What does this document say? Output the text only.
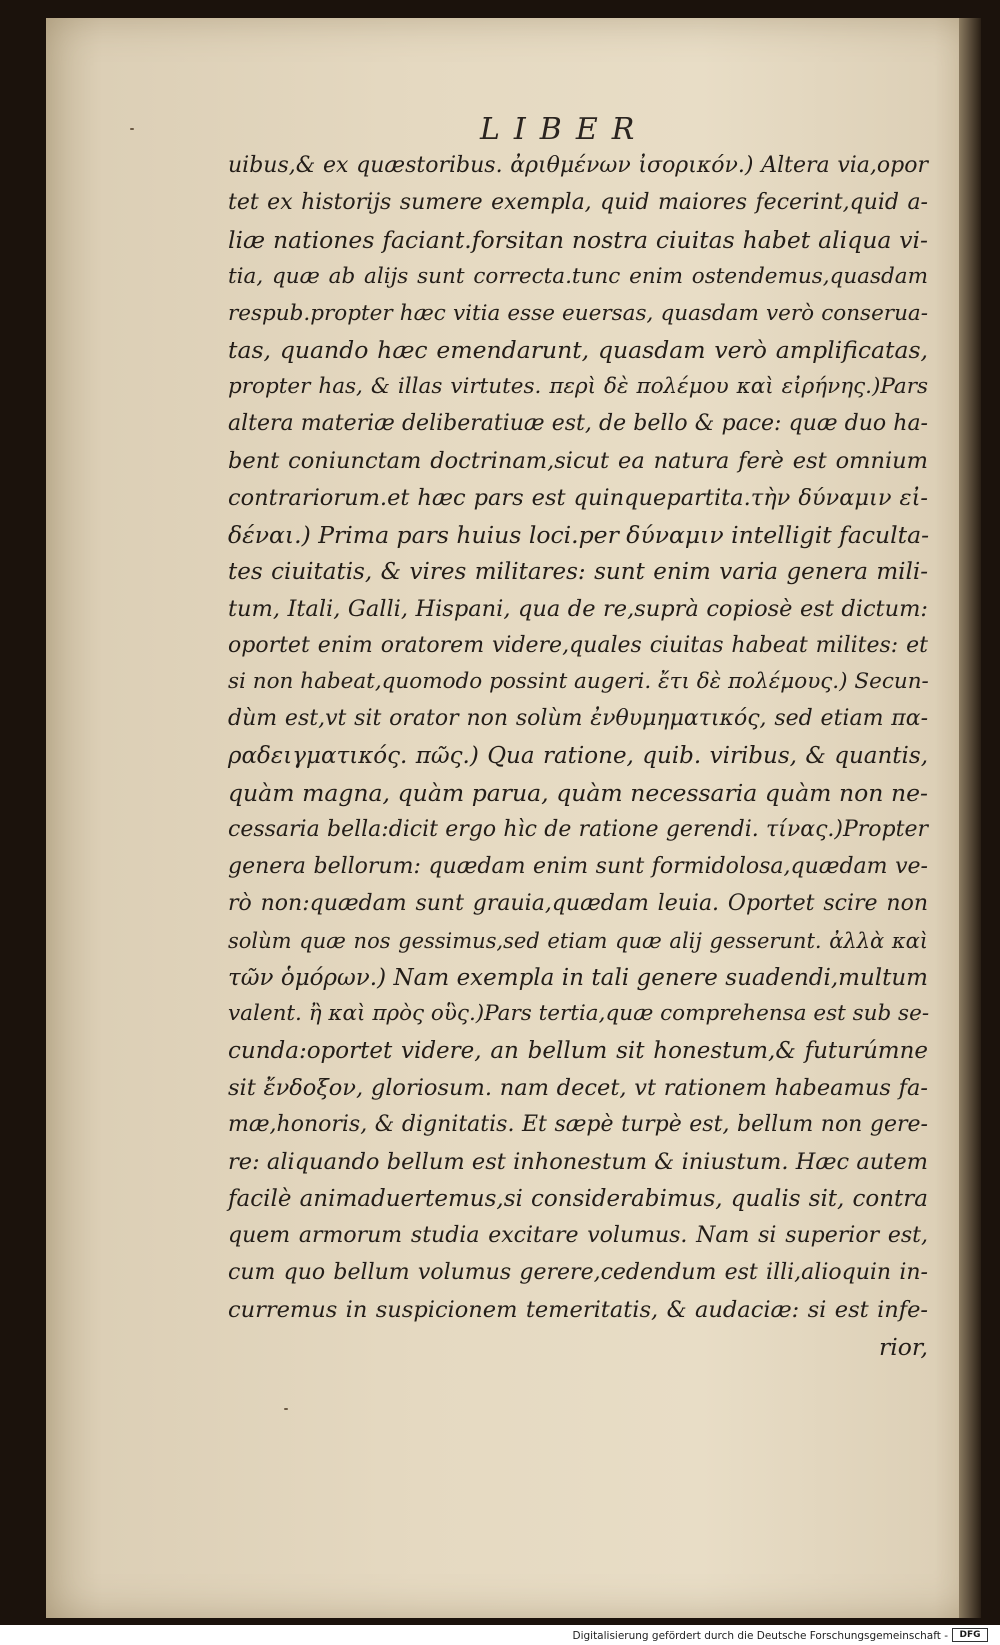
LIBER
uibus,& ex quæstoribus. ἀριθμένων ἰσορικόν.) Altera via,opor
tet ex historijs sumere exempla, quid maiores fecerint,quid a-
liæ nationes faciant.forsitan nostra ciuitas habet aliqua vi-
tia, quæ ab alijs sunt correcta.tunc enim ostendemus,quasdam
respub.propter hæc vitia esse euersas, quasdam verò conserua-
tas, quando hæc emendarunt, quasdam verò amplificatas,
propter has, & illas virtutes. περὶ δὲ πολέμου καὶ εἰρήνης.)Pars
altera materiæ deliberatiuæ est, de bello & pace: quæ duo ha-
bent coniunctam doctrinam,sicut ea natura ferè est omnium
contrariorum.et hæc pars est quinquepartita.τὴν δύναμιν εἰ-
δέναι.) Prima pars huius loci.per δύναμιν intelligit faculta-
tes ciuitatis, & vires militares: sunt enim varia genera mili-
tum, Itali, Galli, Hispani, qua de re,suprà copiosè est dictum:
oportet enim oratorem videre,quales ciuitas habeat milites: et
si non habeat,quomodo possint augeri. ἔτι δὲ πολέμους.) Secun-
dùm est,vt sit orator non solùm ἐνθυμηματικός, sed etiam πα-
ραδειγματικός. πῶς.) Qua ratione, quib. viribus, & quantis,
quàm magna, quàm parua, quàm necessaria quàm non ne-
cessaria bella:dicit ergo hìc de ratione gerendi. τίνας.)Propter
genera bellorum: quædam enim sunt formidolosa,quædam ve-
rò non:quædam sunt grauia,quædam leuia. Oportet scire non
solùm quæ nos gessimus,sed etiam quæ alij gesserunt. ἀλλὰ καὶ
τῶν ὁμόρων.) Nam exempla in tali genere suadendi,multum
valent. ἢ καὶ πρὸς οὓς.)Pars tertia,quæ comprehensa est sub se-
cunda:oportet videre, an bellum sit honestum,& futurúmne
sit ἔνδοξον, gloriosum. nam decet, vt rationem habeamus fa-
mæ,honoris, & dignitatis. Et sæpè turpè est, bellum non gere-
re: aliquando bellum est inhonestum & iniustum. Hæc autem
facilè animaduertemus,si considerabimus, qualis sit, contra
quem armorum studia excitare volumus. Nam si superior est,
cum quo bellum volumus gerere,cedendum est illi,alioquin in-
curremus in suspicionem temeritatis, & audaciæ: si est infe-
rior,
Digitalisierung gefördert durch die Deutsche Forschungsgemeinschaft -	DFG
